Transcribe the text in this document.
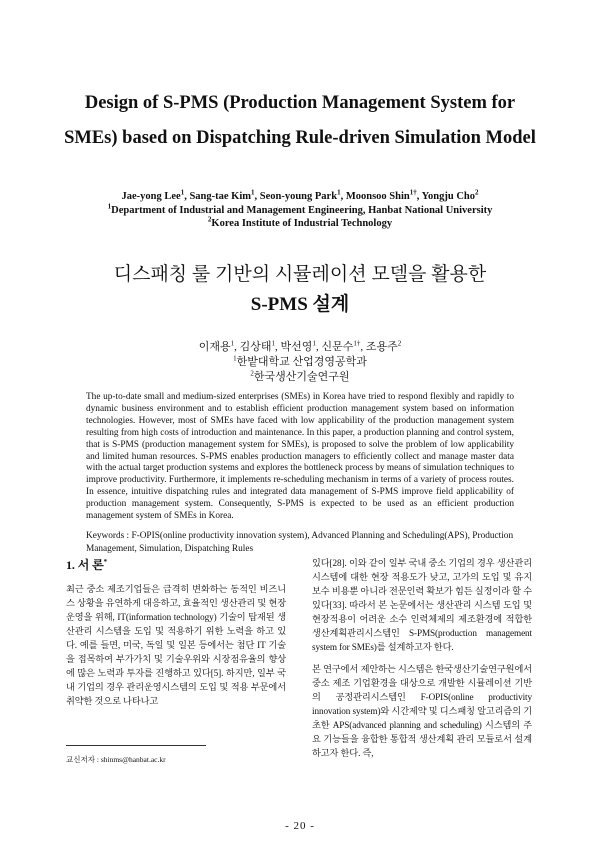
Design of S-PMS (Production Management System for SMEs) based on Dispatching Rule-driven Simulation Model
Jae-yong Lee$^1$, Sang-tae Kim$^1$, Seon-young Park$^1$, Moonsoo Shin$^{1\dagger}$, Yongju Cho$^2$
$^1$Department of Industrial and Management Engineering, Hanbat National University
$^2$Korea Institute of Industrial Technology
디스패칭 룰 기반의 시뮬레이션 모델을 활용한
S-PMS 설계
이재용$^1$, 김상태$^1$, 박선영$^1$, 신문수$^{1\dagger}$, 조용주$^2$
$^1$한밭대학교 산업경영공학과
$^2$한국생산기술연구원
The up-to-date small and medium-sized enterprises (SMEs) in Korea have tried to respond flexibly and rapidly to dynamic business environment and to establish efficient production management system based on information technologies. However, most of SMEs have faced with low applicability of the production management system resulting from high costs of introduction and maintenance. In this paper, a production planning and control system, that is S-PMS (production management system for SMEs), is proposed to solve the problem of low applicability and limited human resources. S-PMS enables production managers to efficiently collect and manage master data with the actual target production systems and explores the bottleneck process by means of simulation techniques to improve productivity. Furthermore, it implements re-scheduling mechanism in terms of a variety of process routes. In essence, intuitive dispatching rules and integrated data management of S-PMS improve field applicability of production management system. Consequently, S-PMS is expected to be used as an efficient production management system of SMEs in Korea.
Keywords : F-OPIS(online productivity innovation system), Advanced Planning and Scheduling(APS), Production Management, Simulation, Dispatching Rules
1. 서 론*

최근 중소 제조기업들은 급격히 변화하는 동적인 비즈니스 상황을 유연하게 대응하고, 효율적인 생산관리 및 현장운영을 위해, IT(information technology) 기술이 탑재된 생산관리 시스템을 도입 및 적용하기 위한 노력을 하고 있다. 예를 들면, 미국, 독일 및 일본 등에서는 첨단 IT 기술을 접목하여 부가가치 및 기술우위와 시장점유율의 향상에 많은 노력과 투자를 진행하고 있다[5]. 하지만, 일부 국내 기업의 경우 관리운영시스템의 도입 및 적용 부문에서 취약한 것으로 나타나고

있다[28]. 이와 같이 일부 국내 중소 기업의 경우 생산관리 시스템에 대한 현장 적용도가 낮고, 고가의 도입 및 유지보수 비용뿐 아니라 전문인력 확보가 힘든 실정이라 할 수 있다[33]. 따라서 본 논문에서는 생산관리 시스템 도입 및 현장적용이 어려운 소수 인력체제의 제조환경에 적합한 생산계획관리시스템인 S-PMS(production management system for SMEs)를 설계하고자 한다.

본 연구에서 제안하는 시스템은 한국생산기술연구원에서 중소 제조 기업환경을 대상으로 개발한 시뮬레이션 기반의 공정관리시스템인 F-OPIS(online productivity innovation system)와 시간제약 및 디스패칭 알고리즘의 기초한 APS(advanced planning and scheduling) 시스템의 주요 기능들을 융합한 통합적 생산계획 관리 모듈로서 설계하고자 한다. 즉,

교신저자 : shinms@hanbat.ac.kr
- 20 -
